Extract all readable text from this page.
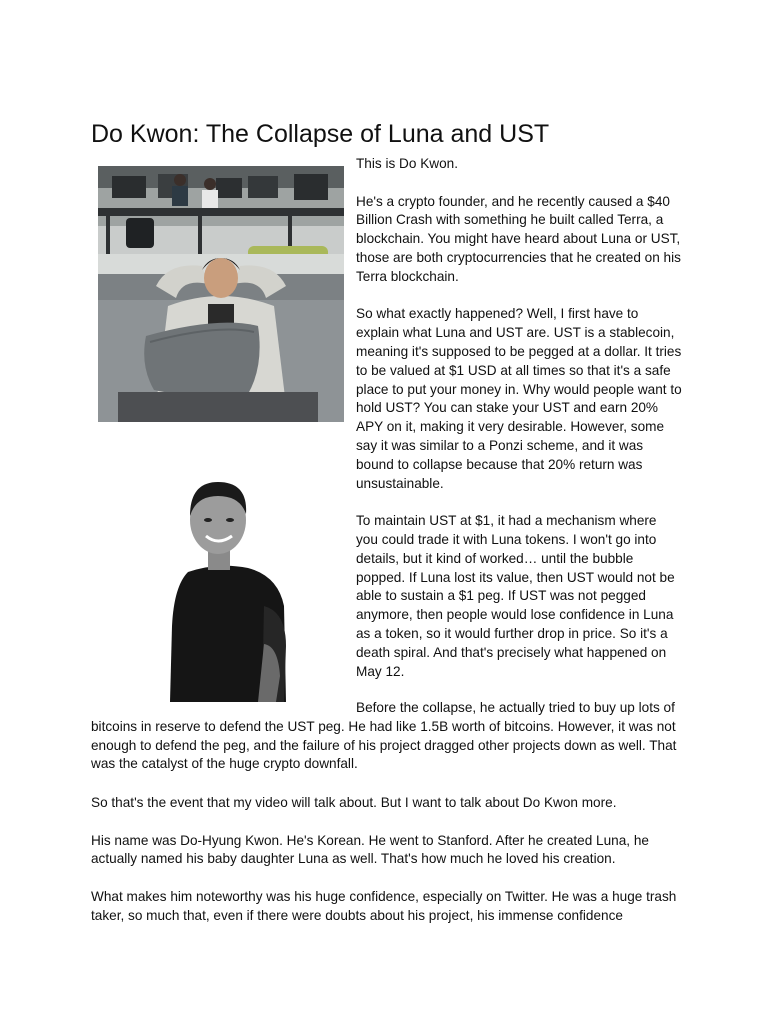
Do Kwon: The Collapse of Luna and UST

This is Do Kwon.

He's a crypto founder, and he recently caused a $40 Billion Crash with something he built called Terra, a blockchain. You might have heard about Luna or UST, those are both cryptocurrencies that he created on his Terra blockchain.

So what exactly happened? Well, I first have to explain what Luna and UST are. UST is a stablecoin, meaning it's supposed to be pegged at a dollar. It tries to be valued at $1 USD at all times so that it's a safe place to put your money in. Why would people want to hold UST? You can stake your UST and earn 20% APY on it, making it very desirable. However, some say it was similar to a Ponzi scheme, and it was bound to collapse because that 20% return was unsustainable.

To maintain UST at $1, it had a mechanism where you could trade it with Luna tokens. I won't go into details, but it kind of worked… until the bubble popped. If Luna lost its value, then UST would not be able to sustain a $1 peg. If UST was not pegged anymore, then people would lose confidence in Luna as a token, so it would further drop in price. So it's a death spiral. And that's precisely what happened on May 12.

Before the collapse, he actually tried to buy up lots of bitcoins in reserve to defend the UST peg. He had like 1.5B worth of bitcoins. However, it was not enough to defend the peg, and the failure of his project dragged other projects down as well. That was the catalyst of the huge crypto downfall.

So that's the event that my video will talk about. But I want to talk about Do Kwon more.

His name was Do-Hyung Kwon. He's Korean. He went to Stanford. After he created Luna, he actually named his baby daughter Luna as well. That's how much he loved his creation.

What makes him noteworthy was his huge confidence, especially on Twitter. He was a huge trash taker, so much that, even if there were doubts about his project, his immense confidence
